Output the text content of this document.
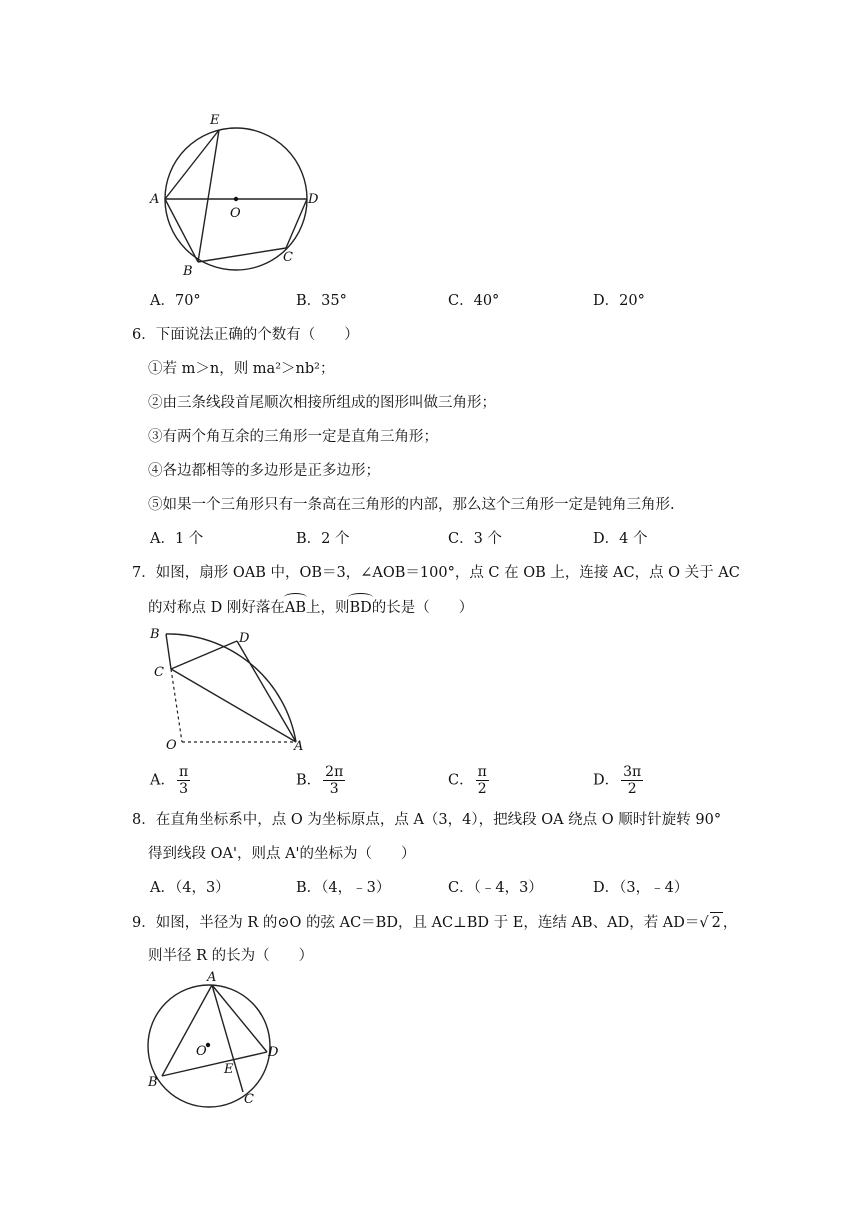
A
E
O
D
B
C
A．70°	B．35°	C．40°	D．20°
6．下面说法正确的个数有（　　）
①若 m＞n，则 ma²＞nb²；
②由三条线段首尾顺次相接所组成的图形叫做三角形；
③有两个角互余的三角形一定是直角三角形；
④各边都相等的多边形是正多边形；
⑤如果一个三角形只有一条高在三角形的内部，那么这个三角形一定是钝角三角形.
A．1 个	B．2 个	C．3 个	D．4 个
7．如图，扇形 OAB 中，OB＝3，∠AOB＝100°，点 C 在 OB 上，连接 AC，点 O 关于 AC
的对称点 D 刚好落在AB上，则BD的长是（　　）
B	D
C
O	A
A． $\frac{\pi}{3}$	B． $\frac{2\pi}{3}$	C． $\frac{\pi}{2}$	D． $\frac{3\pi}{2}$
8．在直角坐标系中，点 O 为坐标原点，点 A（3，4），把线段 OA 绕点 O 顺时针旋转 90°
得到线段 OA'，则点 A'的坐标为（　　）
A．（4，3）	B．（4，﹣3）	C．（﹣4，3）	D．（3，﹣4）
9．如图，半径为 R 的⊙O 的弦 AC＝BD，且 AC⊥BD 于 E，连结 AB、AD，若 AD＝√ 2 ，
则半径 R 的长为（　　）
A
O	D
B
E
C
